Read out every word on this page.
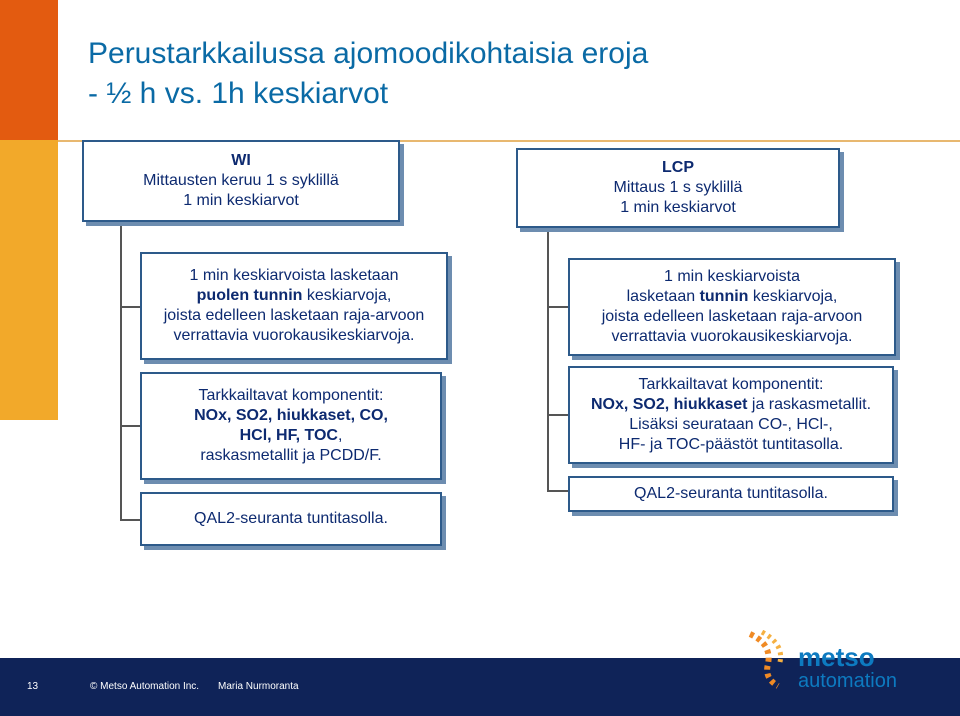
Perustarkkailussa ajomoodikohtaisia eroja
- ½ h vs. 1h keskiarvot
WI
Mittausten keruu 1 s syklillä
1 min keskiarvot
1 min keskiarvoista lasketaan
puolen tunnin keskiarvoja,
joista edelleen lasketaan raja-arvoon
verrattavia vuorokausikeskiarvoja.
Tarkkailtavat komponentit:
NOx, SO2, hiukkaset, CO,
HCl, HF, TOC,
raskasmetallit ja PCDD/F.
QAL2-seuranta tuntitasolla.
LCP
Mittaus 1 s syklillä
1 min keskiarvot
1 min keskiarvoista
lasketaan tunnin keskiarvoja,
joista edelleen lasketaan raja-arvoon
verrattavia vuorokausikeskiarvoja.
Tarkkailtavat komponentit:
NOx, SO2, hiukkaset ja raskasmetallit.
Lisäksi seurataan CO-, HCl-,
HF- ja TOC-päästöt tuntitasolla.
QAL2-seuranta tuntitasolla.
13	© Metso Automation Inc. Maria Nurmoranta
metso
automation
